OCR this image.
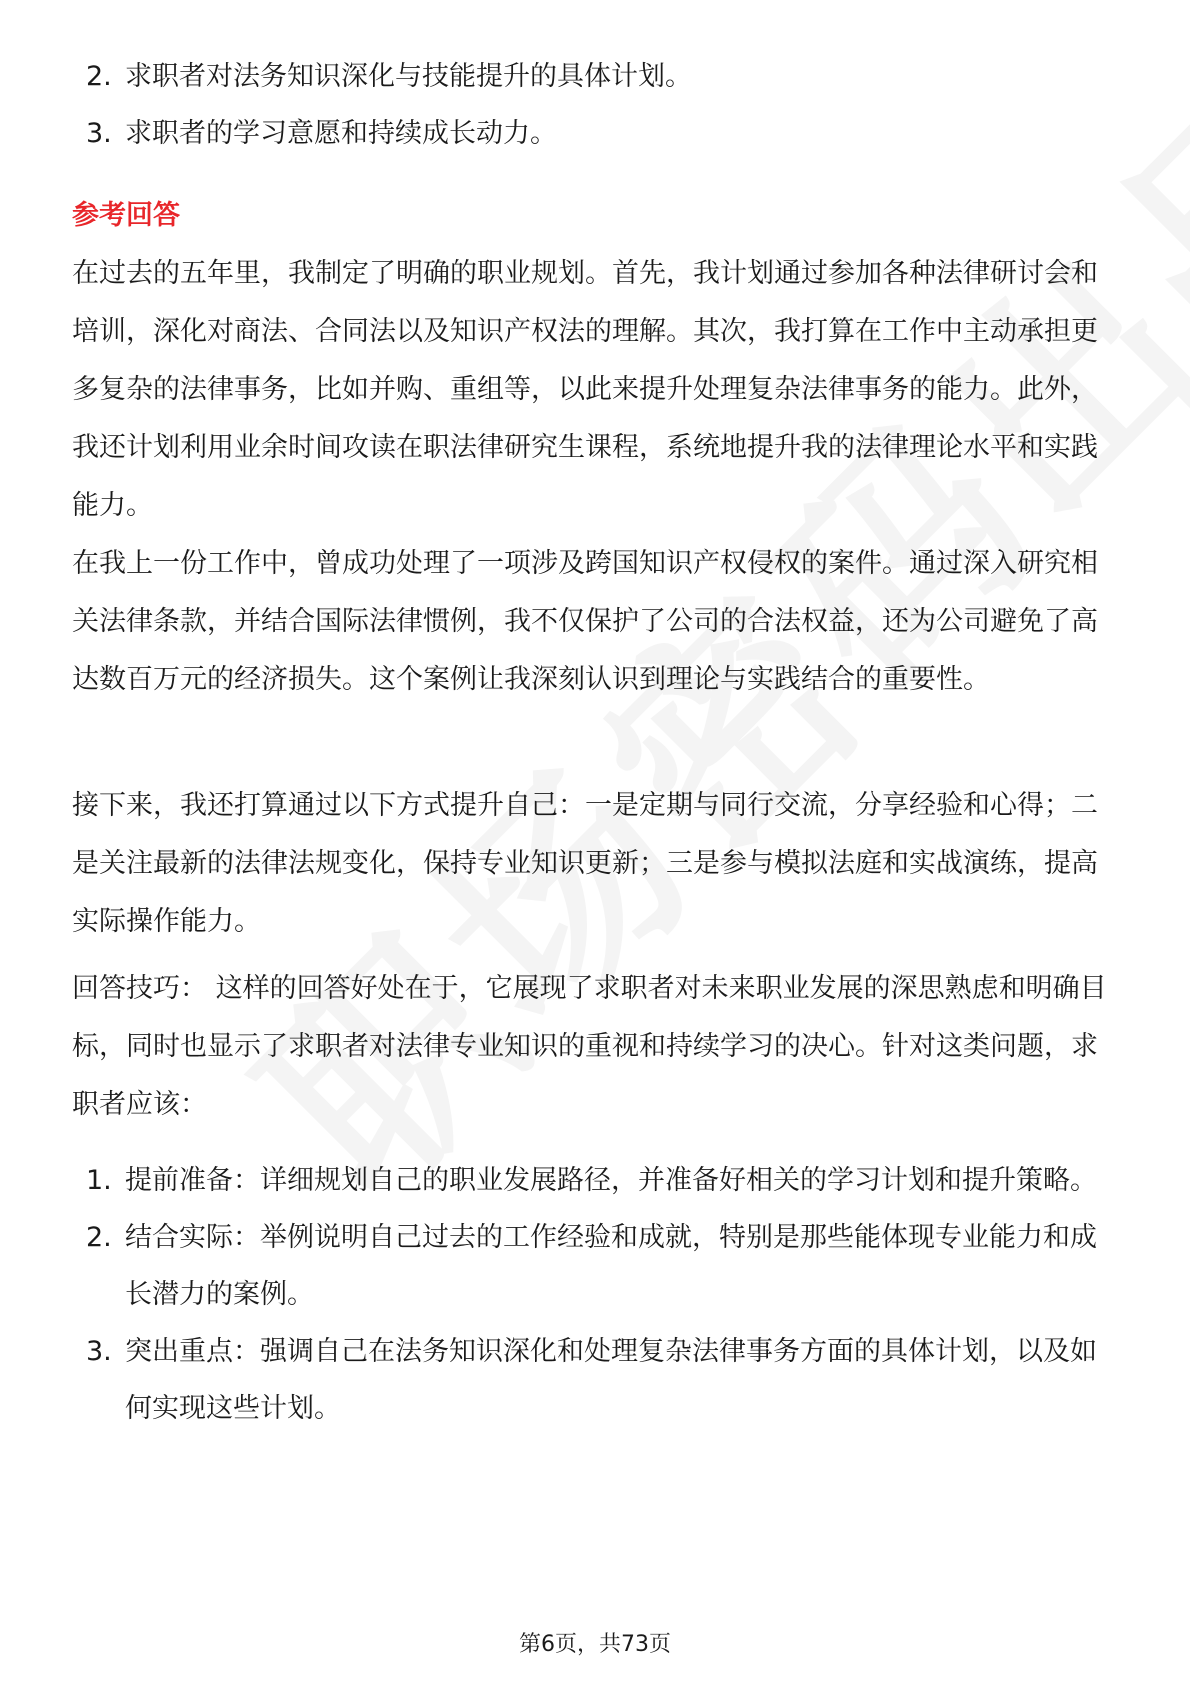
2. 求职者对法务知识深化与技能提升的具体计划。
3. 求职者的学习意愿和持续成长动力。
参考回答

在过去的五年里，我制定了明确的职业规划。首先，我计划通过参加各种法律研讨会和培训，深化对商法、合同法以及知识产权法的理解。其次，我打算在工作中主动承担更多复杂的法律事务，比如并购、重组等，以此来提升处理复杂法律事务的能力。此外，我还计划利用业余时间攻读在职法律研究生课程，系统地提升我的法律理论水平和实践能力。

在我上一份工作中，曾成功处理了一项涉及跨国知识产权侵权的案件。通过深入研究相关法律条款，并结合国际法律惯例，我不仅保护了公司的合法权益，还为公司避免了高达数百万元的经济损失。这个案例让我深刻认识到理论与实践结合的重要性。

接下来，我还打算通过以下方式提升自己：一是定期与同行交流，分享经验和心得；二是关注最新的法律法规变化，保持专业知识更新；三是参与模拟法庭和实战演练，提高实际操作能力。

回答技巧： 这样的回答好处在于，它展现了求职者对未来职业发展的深思熟虑和明确目标，同时也显示了求职者对法律专业知识的重视和持续学习的决心。针对这类问题，求职者应该：

1. 提前准备：详细规划自己的职业发展路径，并准备好相关的学习计划和提升策略。
2. 结合实际：举例说明自己过去的工作经验和成就，特别是那些能体现专业能力和成长潜力的案例。
3. 突出重点：强调自己在法务知识深化和处理复杂法律事务方面的具体计划，以及如何实现这些计划。
第6页，共73页
